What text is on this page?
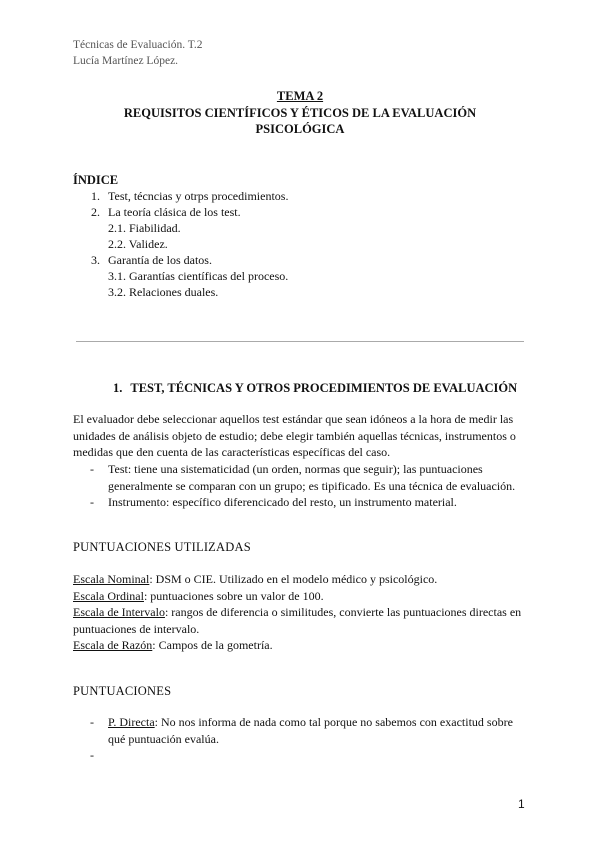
Técnicas de Evaluación. T.2
Lucía Martínez López.
TEMA 2
REQUISITOS CIENTÍFICOS Y ÉTICOS DE LA EVALUACIÓN
PSICOLÓGICA
ÍNDICE
1. Test, técncias y otrps procedimientos.
2. La teoría clásica de los test.
2.1. Fiabilidad.
2.2. Validez.
3. Garantía de los datos.
3.1. Garantías científicas del proceso.
3.2. Relaciones duales.
1. TEST, TÉCNICAS Y OTROS PROCEDIMIENTOS DE EVALUACIÓN
El evaluador debe seleccionar aquellos test estándar que sean idóneos a la hora de medir las unidades de análisis objeto de estudio; debe elegir también aquellas técnicas, instrumentos o medidas que den cuenta de las características específicas del caso.
- Test: tiene una sistematicidad (un orden, normas que seguir); las puntuaciones generalmente se comparan con un grupo; es tipificado. Es una técnica de evaluación.
- Instrumento: específico diferencicado del resto, un instrumento material.
PUNTUACIONES UTILIZADAS
Escala Nominal: DSM o CIE. Utilizado en el modelo médico y psicológico.
Escala Ordinal: puntuaciones sobre un valor de 100.
Escala de Intervalo: rangos de diferencia o similitudes, convierte las puntuaciones directas en puntuaciones de intervalo.
Escala de Razón: Campos de la gometría.
PUNTUACIONES
- P. Directa: No nos informa de nada como tal porque no sabemos con exactitud sobre qué puntuación evalúa.
-
1
